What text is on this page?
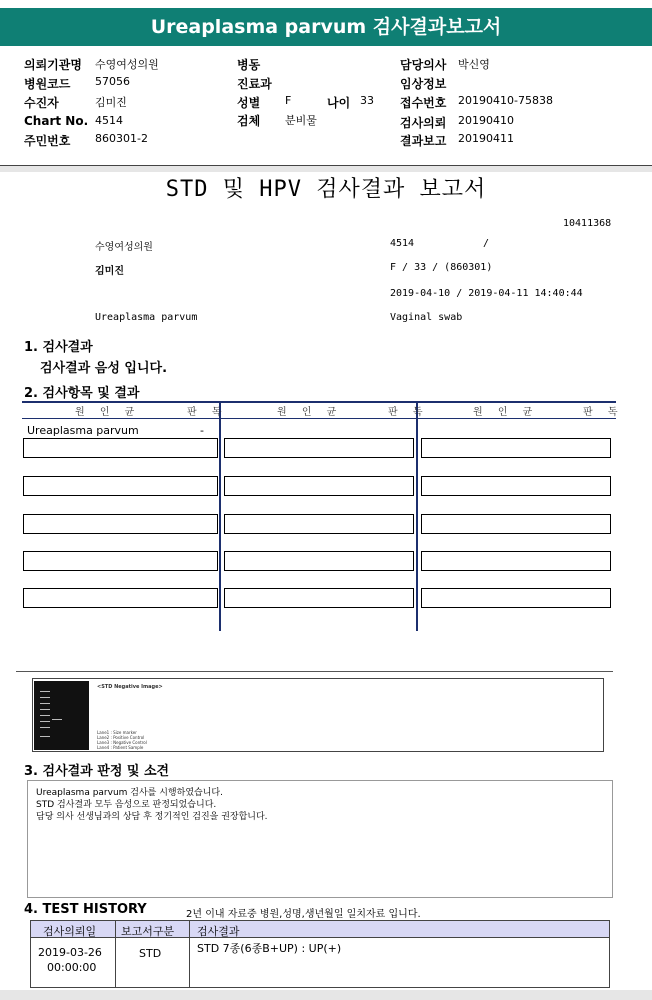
Ureaplasma parvum 검사결과보고서
의뢰기관명 수영여성의원
병원코드 57056
수진자	김미진
Chart No. 4514
주민번호 860301-2
병동
진료과
성별 F	나이 33
검체 분비물
담당의사 박신영
임상정보
접수번호 20190410-75838
검사의뢰 20190410
결과보고 20190411
STD 및 HPV 검사결과 보고서
10411368
수영여성의원	4514	/
김미진	F / 33 / (860301)
2019-04-10 / 2019-04-11 14:40:44
Ureaplasma parvum	Vaginal swab
1. 검사결과
검사결과 음성 입니다.
2. 검사항목 및 결과
원 인 균	판 독	원 인 균	판 독	원 인 균	판 독
Ureaplasma parvum	-
<STD Negative Image>
Lane1 : Size marker
Lane2 : Positive Control
Lane3 : Negative Control
Lane4 : Patient Sample
3. 검사결과 판정 및 소견
Ureaplasma parvum 검사를 시행하였습니다.
STD 검사결과 모두 음성으로 판정되었습니다.
담당 의사 선생님과의 상담 후 정기적인 검진을 권장합니다.
4. TEST HISTORY	2년 이내 자료중 병원,성명,생년월일 일치자료 입니다.
검사의뢰일 보고서구분 검사결과
2019-03-26
00:00:00
STD	STD 7종(6종B+UP) : UP(+)
